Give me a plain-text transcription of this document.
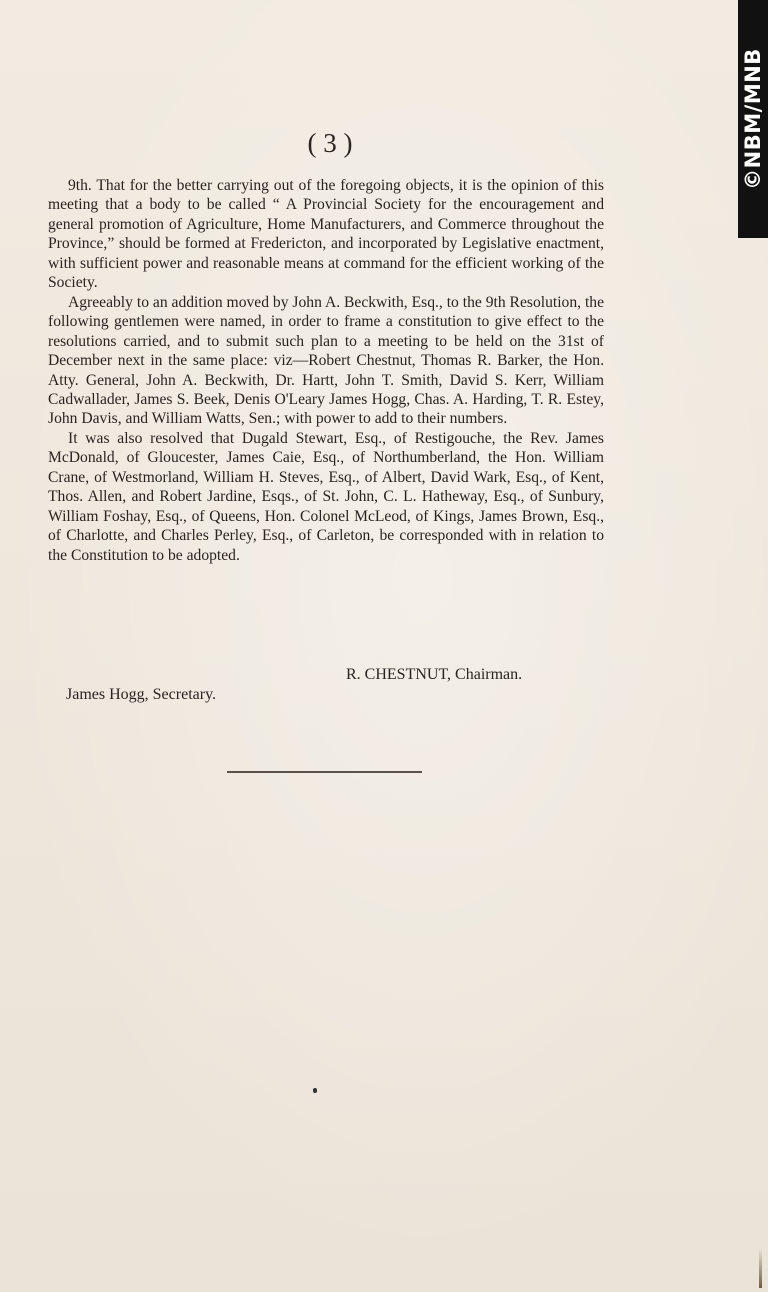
©NBM/MNB
( 3 )

9th. That for the better carrying out of the foregoing objects, it is the opinion of this meeting that a body to be called “ A Provincial Society for the encouragement and general promotion of Agriculture, Home Manufacturers, and Commerce throughout the Province,” should be formed at Fredericton, and incorporated by Legislative enactment, with sufficient power and reasonable means at command for the efficient working of the Society.

Agreeably to an addition moved by John A. Beckwith, Esq., to the 9th Resolution, the following gentlemen were named, in order to frame a constitution to give effect to the resolutions carried, and to submit such plan to a meeting to be held on the 31st of December next in the same place: viz—Robert Chestnut, Thomas R. Barker, the Hon. Atty. General, John A. Beckwith, Dr. Hartt, John T. Smith, David S. Kerr, William Cadwallader, James S. Beek, Denis O'Leary James Hogg, Chas. A. Harding, T. R. Estey, John Davis, and William Watts, Sen.; with power to add to their numbers.

It was also resolved that Dugald Stewart, Esq., of Restigouche, the Rev. James McDonald, of Gloucester, James Caie, Esq., of Northumberland, the Hon. William Crane, of Westmorland, William H. Steves, Esq., of Albert, David Wark, Esq., of Kent, Thos. Allen, and Robert Jardine, Esqs., of St. John, C. L. Hatheway, Esq., of Sunbury, William Foshay, Esq., of Queens, Hon. Colonel McLeod, of Kings, James Brown, Esq., of Charlotte, and Charles Perley, Esq., of Carleton, be corresponded with in relation to the Constitution to be adopted.

R. CHESTNUT, Chairman.
James Hogg, Secretary.
